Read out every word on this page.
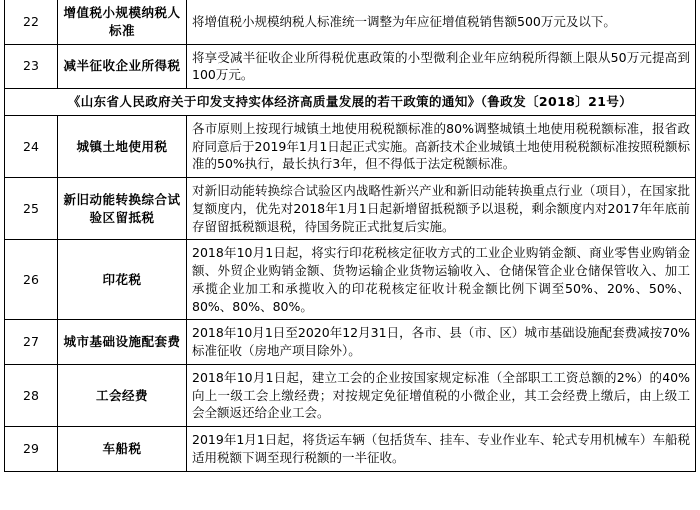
22	增值税小规模纳税人标准	将增值税小规模纳税人标准统一调整为年应征增值税销售额500万元及以下。
23	减半征收企业所得税	将享受减半征收企业所得税优惠政策的小型微利企业年应纳税所得额上限从50万元提高到100万元。
《山东省人民政府关于印发支持实体经济高质量发展的若干政策的通知》（鲁政发〔2018〕21号）		
24	城镇土地使用税	各市原则上按现行城镇土地使用税税额标准的80%调整城镇土地使用税税额标准，报省政府同意后于2019年1月1日起正式实施。高新技术企业城镇土地使用税税额标准按照税额标准的50%执行，最长执行3年，但不得低于法定税额标准。
25	新旧动能转换综合试验区留抵税	对新旧动能转换综合试验区内战略性新兴产业和新旧动能转换重点行业（项目），在国家批复额度内，优先对2018年1月1日起新增留抵税额予以退税，剩余额度内对2017年年底前存留留抵税额退税，待国务院正式批复后实施。
26	印花税	2018年10月1日起，将实行印花税核定征收方式的工业企业购销金额、商业零售业购销金额、外贸企业购销金额、货物运输企业货物运输收入、仓储保管企业仓储保管收入、加工承揽企业加工和承揽收入的印花税核定征收计税金额比例下调至50%、20%、50%、80%、80%、80%。
27	城市基础设施配套费	2018年10月1日至2020年12月31日，各市、县（市、区）城市基础设施配套费减按70%标准征收（房地产项目除外）。
28	工会经费	2018年10月1日起，建立工会的企业按国家规定标准（全部职工工资总额的2%）的40%向上一级工会上缴经费；对按规定免征增值税的小微企业，其工会经费上缴后，由上级工会全额返还给企业工会。
29	车船税	2019年1月1日起，将货运车辆（包括货车、挂车、专业作业车、轮式专用机械车）车船税适用税额下调至现行税额的一半征收。
